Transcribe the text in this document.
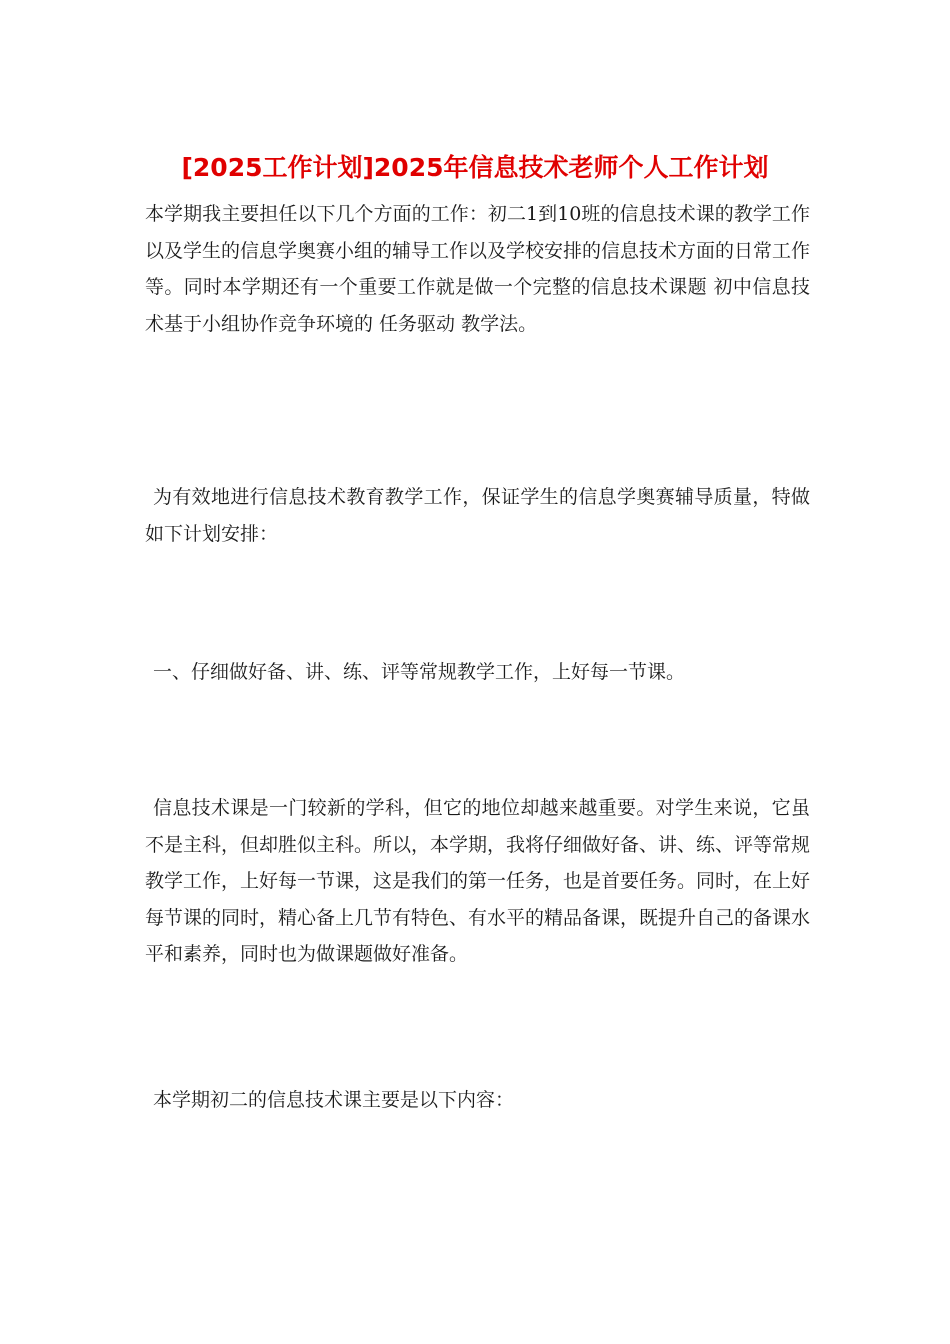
[2025工作计划]2025年信息技术老师个人工作计划

本学期我主要担任以下几个方面的工作：初二1到10班的信息技术课的教学工作以及学生的信息学奥赛小组的辅导工作以及学校安排的信息技术方面的日常工作等。同时本学期还有一个重要工作就是做一个完整的信息技术课题 初中信息技术基于小组协作竞争环境的 任务驱动 教学法。

为有效地进行信息技术教育教学工作，保证学生的信息学奥赛辅导质量，特做如下计划安排：

一、仔细做好备、讲、练、评等常规教学工作，上好每一节课。

信息技术课是一门较新的学科，但它的地位却越来越重要。对学生来说，它虽不是主科，但却胜似主科。所以，本学期，我将仔细做好备、讲、练、评等常规教学工作，上好每一节课，这是我们的第一任务，也是首要任务。同时，在上好每节课的同时，精心备上几节有特色、有水平的精品备课，既提升自己的备课水平和素养，同时也为做课题做好准备。

本学期初二的信息技术课主要是以下内容：
